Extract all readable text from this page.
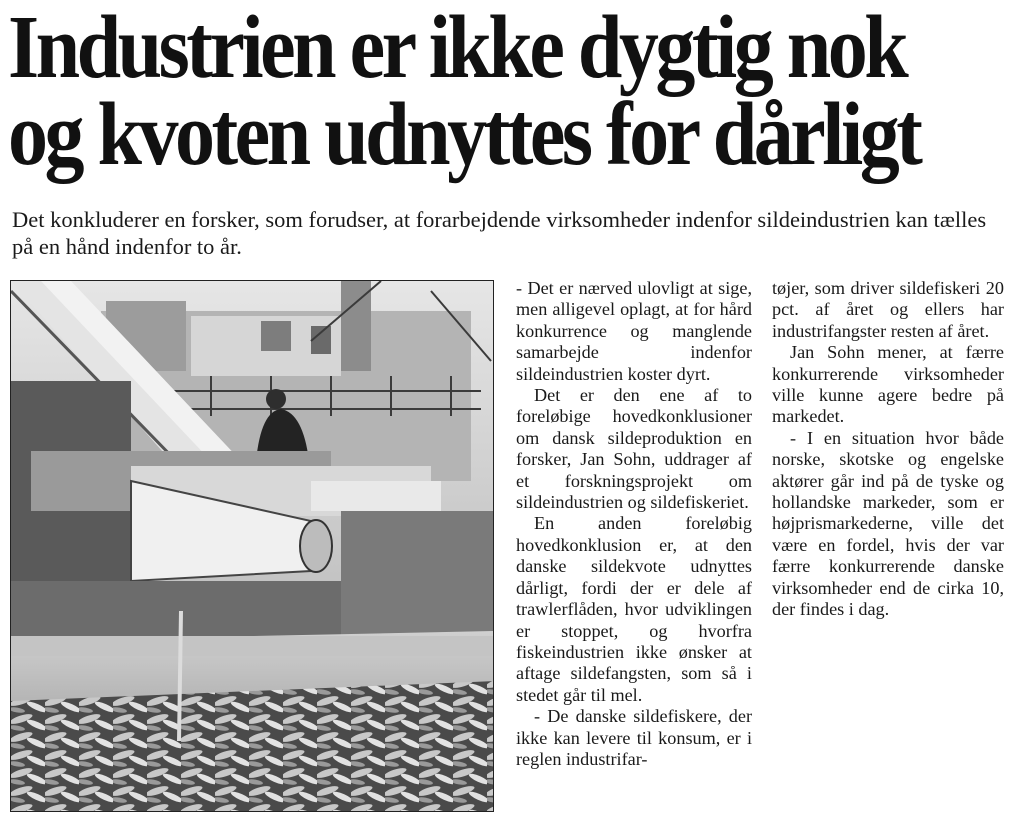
Industrien er ikke dygtig nok
og kvoten udnyttes for dårligt

Det konkluderer en forsker, som forudser, at forarbejdende virksomheder indenfor sildeindustrien kan tælles på en hånd indenfor to år.

- Det er nærved ulovligt at sige, men alligevel oplagt, at for hård konkurrence og manglende samarbejde indenfor sildeindustrien koster dyrt.

Det er den ene af to foreløbige hovedkonklusioner om dansk sildeproduktion en forsker, Jan Sohn, uddrager af et forskningsprojekt om sildeindustrien og sildefiskeriet.

En anden foreløbig hovedkonklusion er, at den danske sildekvote udnyttes dårligt, fordi der er dele af trawlerflåden, hvor udviklingen er stoppet, og hvorfra fiskeindustrien ikke ønsker at aftage sildefangsten, som så i stedet går til mel.

- De danske sildefiskere, der ikke kan levere til konsum, er i reglen industrifar-

tøjer, som driver sildefiskeri 20 pct. af året og ellers har industrifangster resten af året.

Jan Sohn mener, at færre konkurrerende virksomheder ville kunne agere bedre på markedet.

- I en situation hvor både norske, skotske og engelske aktører går ind på de tyske og hollandske markeder, som er højprismarkederne, ville det være en fordel, hvis der var færre konkurrerende danske virksomheder end de cirka 10, der findes i dag.
